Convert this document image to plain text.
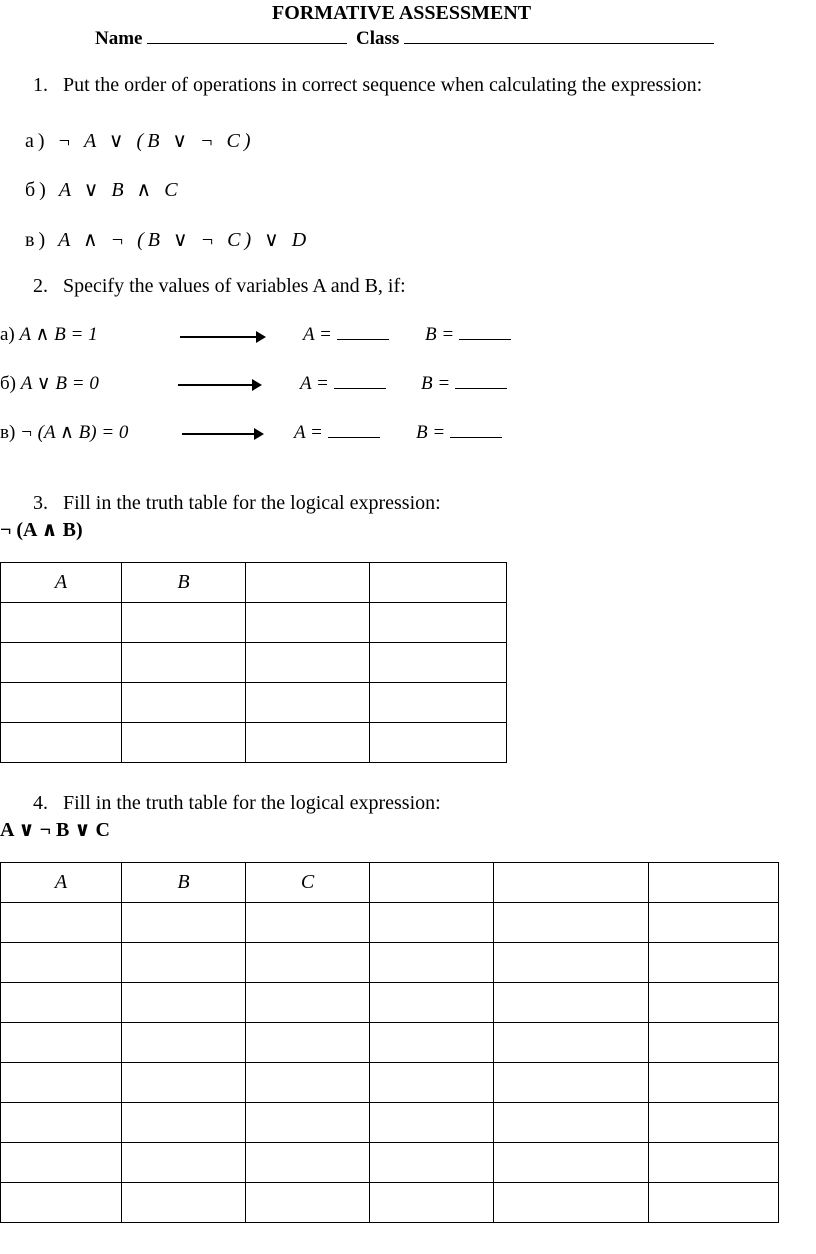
FORMATIVE ASSESSMENT
Name	Class
1. Put the order of operations in correct sequence when calculating the expression:
а) ¬ A ∨ (B ∨ ¬ C)
б) A ∨ B ∧ C
в) A ∧ ¬ (B ∨ ¬ C) ∨ D
2. Specify the values of variables A and B, if:
а) A ∧ B = 1	A =	B =
б) A ∨ B = 0	A =	B =
в) ¬ (A ∧ B) = 0	A =	B =
3. Fill in the truth table for the logical expression:
¬ (A ∧ B)
A	B		

4. Fill in the truth table for the logical expression:
A ∨ ¬ B ∨ C
A	B	C			
